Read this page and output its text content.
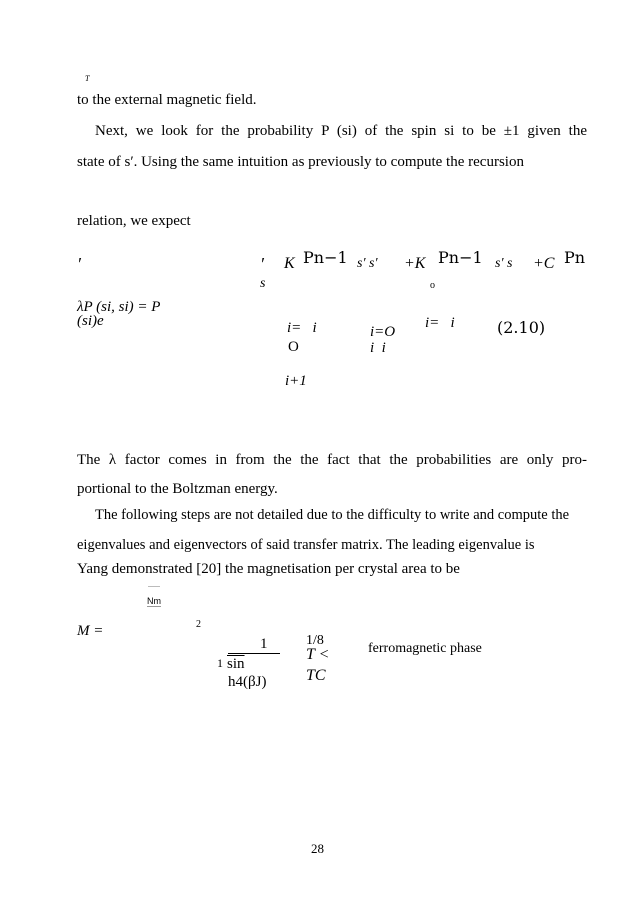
T
to the external magnetic field.
Next, we look for the probability P (si) of the spin si to be ±1 given the
state of s′. Using the same intuition as previously to compute the recursion
relation, we expect
′	′ K Pn−1 s′ s′ +K Pn−1 s′ s +C Pn
s	o
λP (si, si) = P
(si)e	i=   i
O
i=O
i  i
i=   i	(2.10)
i+1
The λ factor comes in from the the fact that the probabilities are only pro-
portional to the Boltzman energy.
The following steps are not detailed due to the difficulty to write and compute the
eigenvalues and eigenvectors of said transfer matrix. The leading eigenvalue is
Yang demonstrated [20] the magnetisation per crystal area to be
Nm
M =	2
1
1 $\overline{sin}$
h4(βJ)
1/8
T <
TC
ferromagnetic phase
28
